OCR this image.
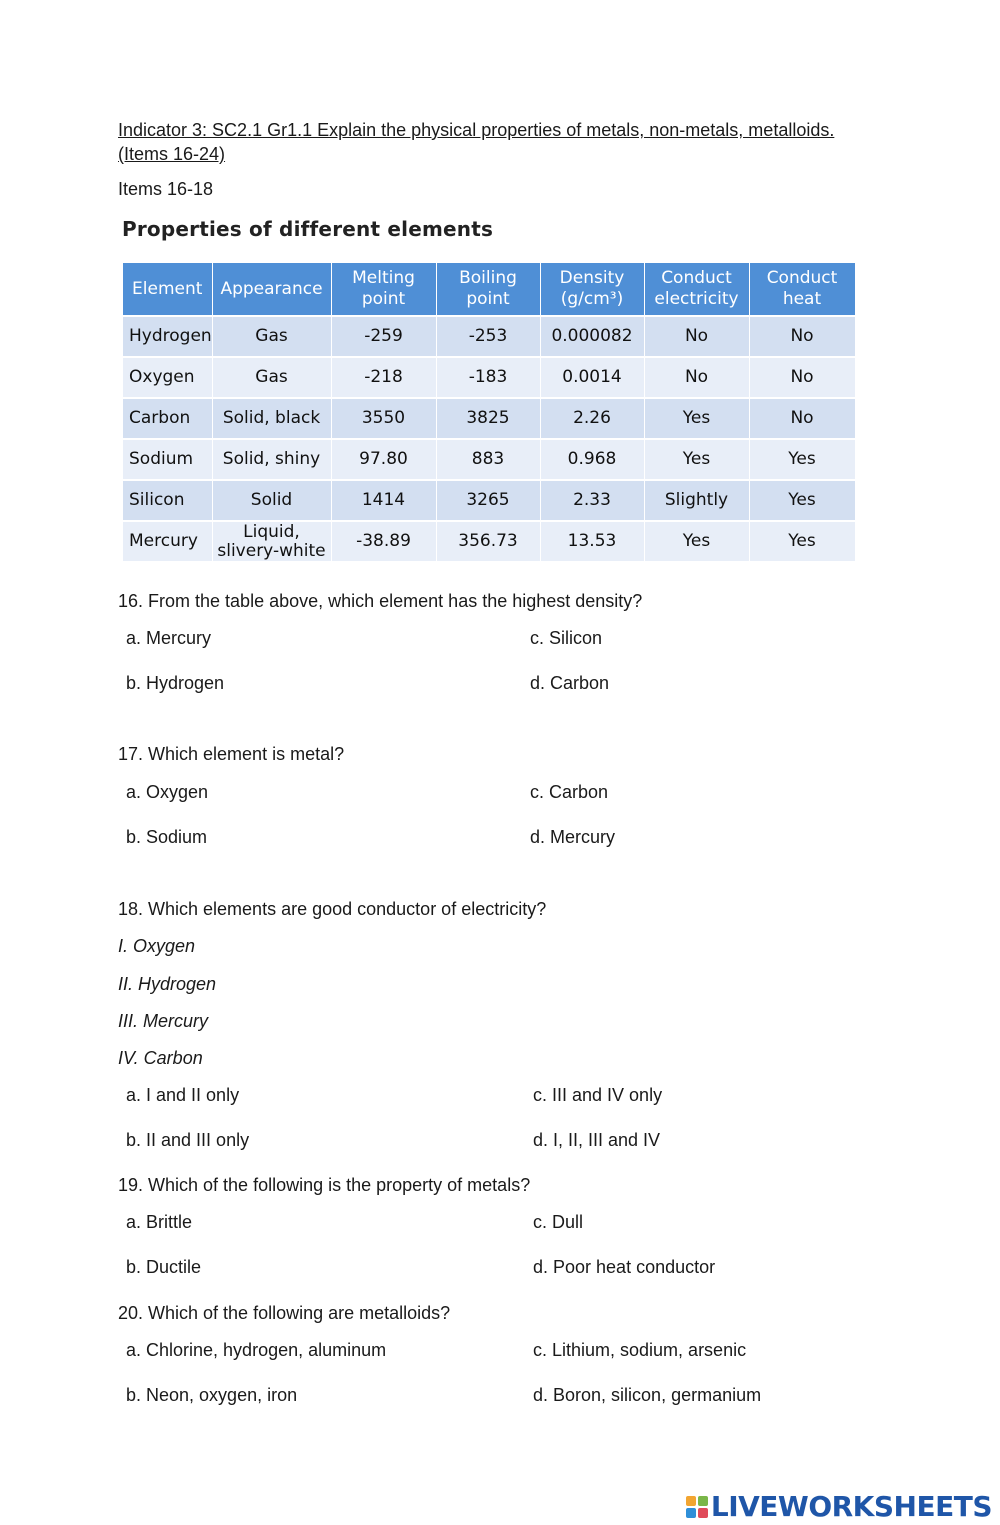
Indicator 3: SC2.1 Gr1.1 Explain the physical properties of metals, non-metals, metalloids.(Items 16-24)
Items 16-18
Properties of different elements
Element	Appearance	Melting point	Boiling point	Density (g/cm³)	Conduct electricity	Conduct heat
Hydrogen	Gas	-259	-253	0.000082	No	No
Oxygen	Gas	-218	-183	0.0014	No	No
Carbon	Solid, black	3550	3825	2.26	Yes	No
Sodium	Solid, shiny	97.80	883	0.968	Yes	Yes
Silicon	Solid	1414	3265	2.33	Slightly	Yes
Mercury	Liquid, slivery-white	-38.89	356.73	13.53	Yes	Yes
16. From the table above, which element has the highest density?
a. Mercury	c. Silicon
b. Hydrogen	d. Carbon
17. Which element is metal?
a. Oxygen	c. Carbon
b. Sodium	d. Mercury
18. Which elements are good conductor of electricity?
I. Oxygen
II. Hydrogen
III. Mercury
IV. Carbon
a. I and II only	c. III and IV only
b. II and III only	d. I, II, III and IV
19. Which of the following is the property of metals?
a. Brittle	c. Dull
b. Ductile	d. Poor heat conductor
20. Which of the following are metalloids?
a. Chlorine, hydrogen, aluminum	c. Lithium, sodium, arsenic
b. Neon, oxygen, iron	d. Boron, silicon, germanium
LIVEWORKSHEETS
